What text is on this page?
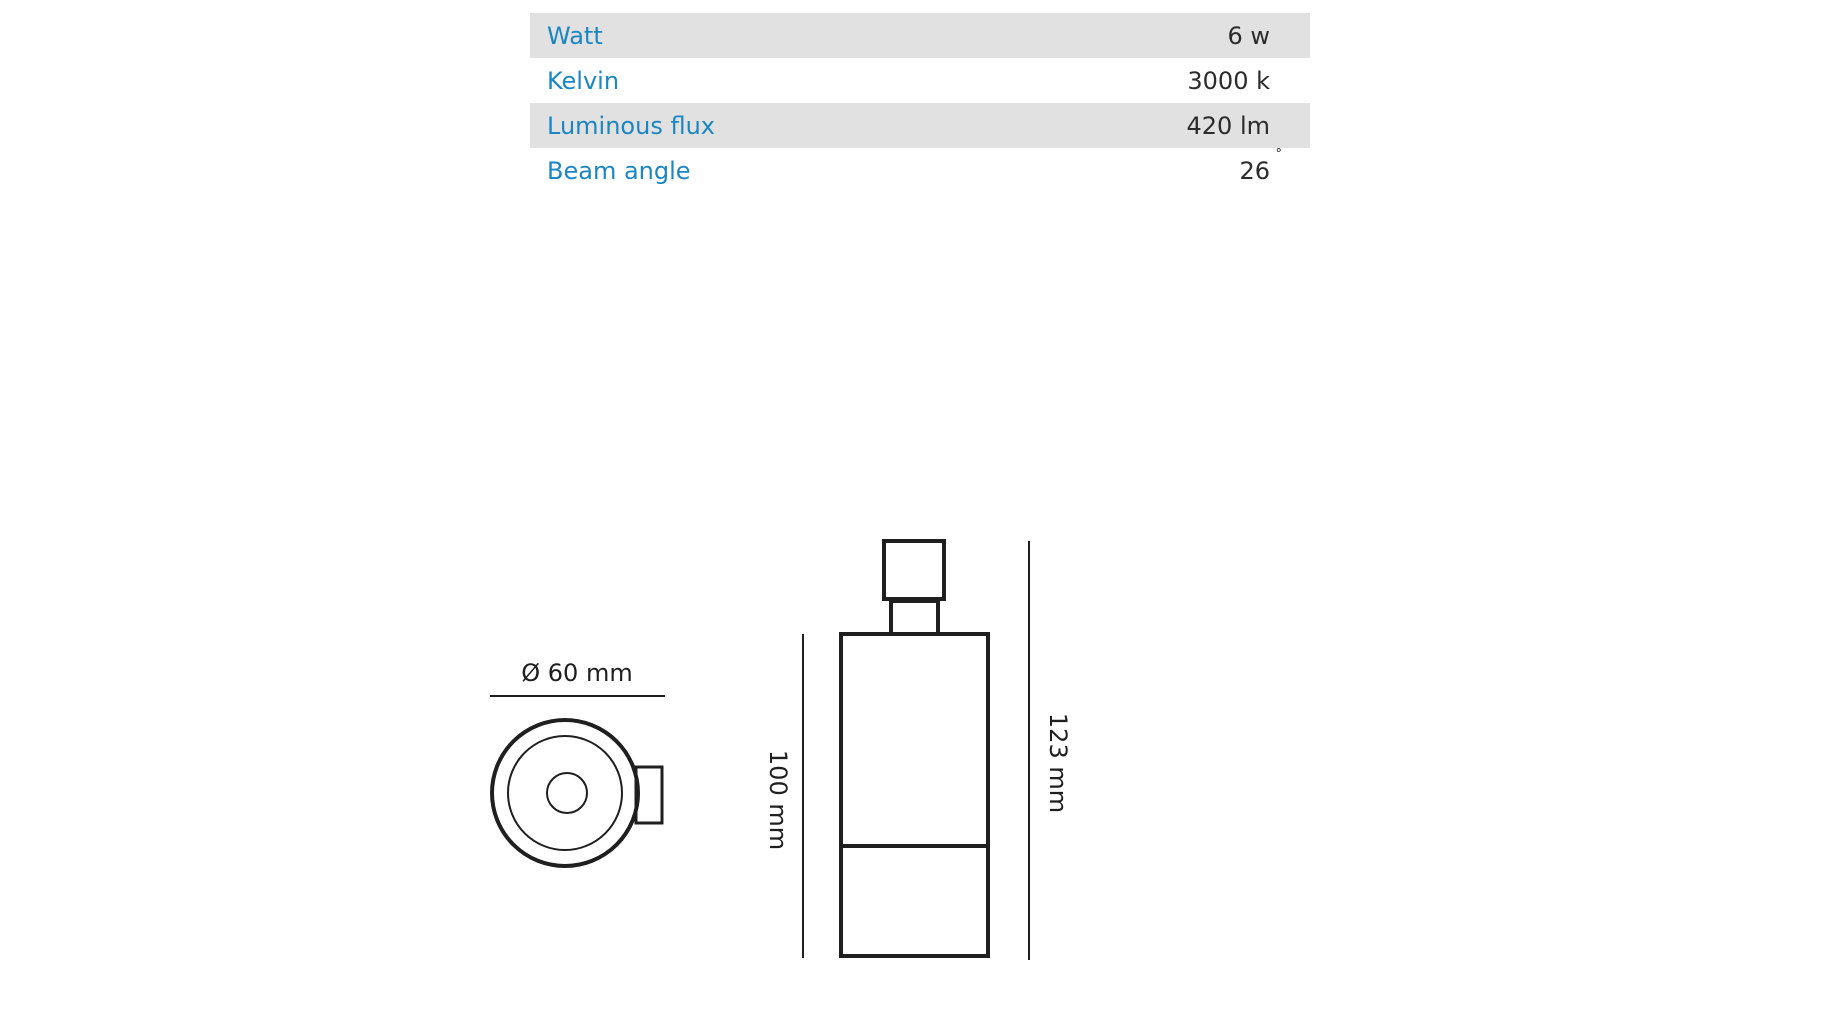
Watt	6 w
Kelvin	3000 k
Luminous flux	420 lm
Beam angle	26
°
Ø 60 mm
100 mm	123 mm
